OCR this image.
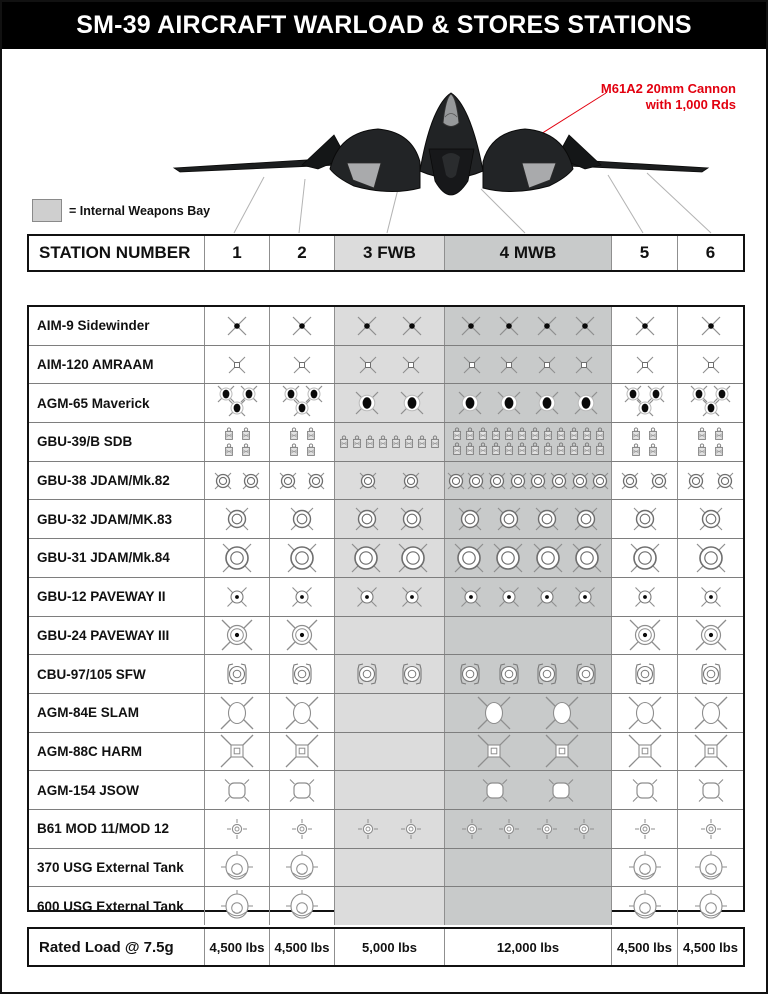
SM-39 AIRCRAFT WARLOAD & STORES STATIONS
M61A2 20mm Cannon
with 1,000 Rds
= Internal Weapons Bay
STATION NUMBER	1	2	3 FWB	4 MWB	5	6
AIM-9 Sidewinder
AIM-120 AMRAAM
AGM-65 Maverick
GBU-39/B SDB
GBU-38 JDAM/Mk.82
GBU-32 JDAM/MK.83
GBU-31 JDAM/Mk.84
GBU-12 PAVEWAY II
GBU-24 PAVEWAY III
CBU-97/105 SFW
AGM-84E SLAM
AGM-88C HARM
AGM-154 JSOW
B61 MOD 11/MOD 12
370 USG External Tank
600 USG External Tank
Rated Load @ 7.5g	4,500 lbs 4,500 lbs	5,000 lbs	12,000 lbs	4,500 lbs 4,500 lbs
